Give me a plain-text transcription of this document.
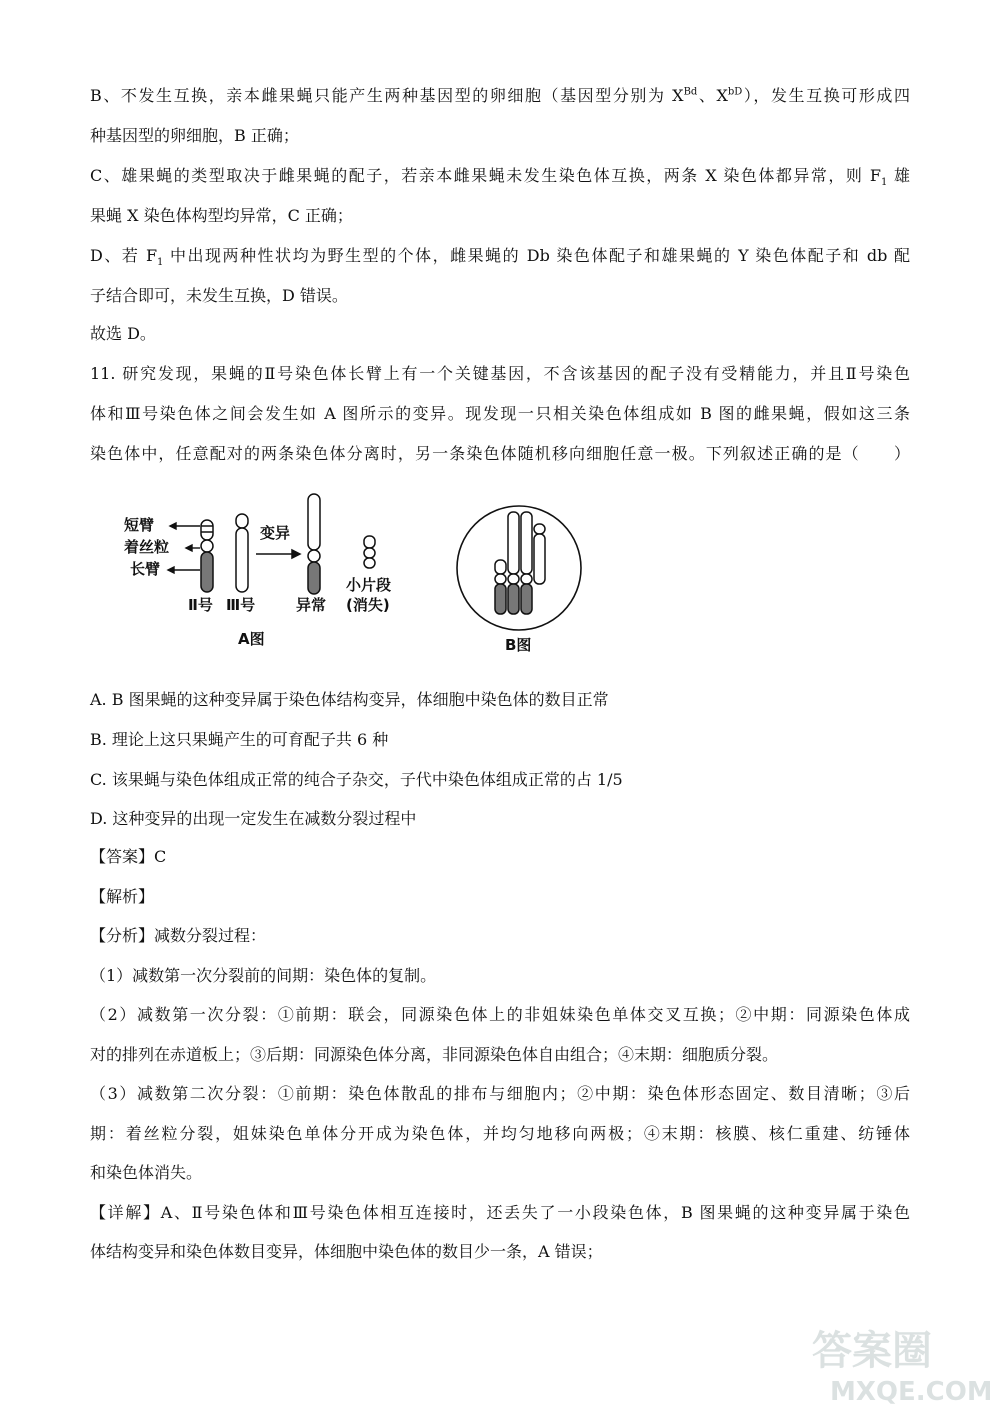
B、不发生互换，亲本雌果蝇只能产生两种基因型的卵细胞（基因型分别为 $X^{Bd}$、$X^{bD}$），发生互换可形成四
种基因型的卵细胞，B 正确；
C、雄果蝇的类型取决于雌果蝇的配子，若亲本雌果蝇未发生染色体互换，两条 X 染色体都异常，则 $F_1$ 雄
果蝇 X 染色体构型均异常，C 正确；
D、若 $F_1$ 中出现两种性状均为野生型的个体，雌果蝇的 Db 染色体配子和雄果蝇的 Y 染色体配子和 db 配
子结合即可，未发生互换，D 错误。
故选 D。
11. 研究发现，果蝇的Ⅱ号染色体长臂上有一个关键基因，不含该基因的配子没有受精能力，并且Ⅱ号染色
体和Ⅲ号染色体之间会发生如 A 图所示的变异。现发现一只相关染色体组成如 B 图的雌果蝇，假如这三条
染色体中，任意配对的两条染色体分离时，另一条染色体随机移向细胞任意一极。下列叙述正确的是（　　）
短臂
着丝粒
长臂
Ⅱ号 Ⅲ号
变异
异常
小片段
(消失)
A图	B图
A. B 图果蝇的这种变异属于染色体结构变异，体细胞中染色体的数目正常
B. 理论上这只果蝇产生的可育配子共 6 种
C. 该果蝇与染色体组成正常的纯合子杂交，子代中染色体组成正常的占 1/5
D. 这种变异的出现一定发生在减数分裂过程中
【答案】C
【解析】
【分析】减数分裂过程：
（1）减数第一次分裂前的间期：染色体的复制。
（2）减数第一次分裂：①前期：联会，同源染色体上的非姐妹染色单体交叉互换；②中期：同源染色体成
对的排列在赤道板上；③后期：同源染色体分离，非同源染色体自由组合；④末期：细胞质分裂。
（3）减数第二次分裂：①前期：染色体散乱的排布与细胞内；②中期：染色体形态固定、数目清晰；③后
期：着丝粒分裂，姐妹染色单体分开成为染色体，并均匀地移向两极；④末期：核膜、核仁重建、纺锤体
和染色体消失。
【详解】A、Ⅱ号染色体和Ⅲ号染色体相互连接时，还丢失了一小段染色体，B 图果蝇的这种变异属于染色
体结构变异和染色体数目变异，体细胞中染色体的数目少一条，A 错误；
答案圈
MXQE.COM
